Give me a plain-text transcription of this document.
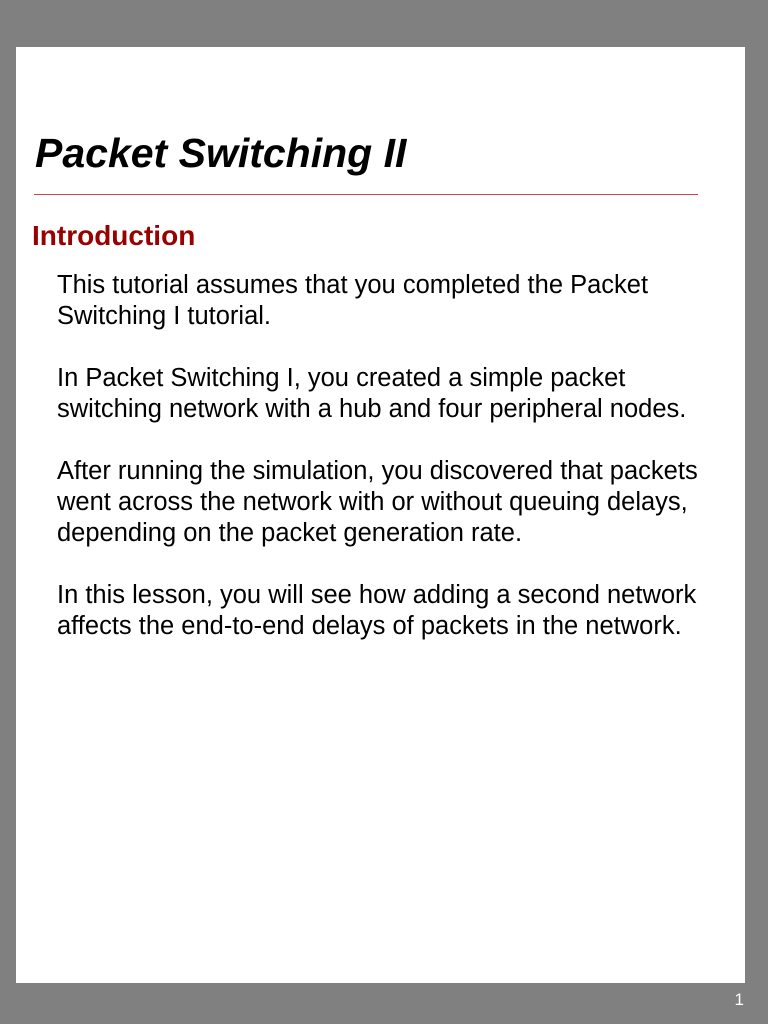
Packet Switching II
Introduction

This tutorial assumes that you completed the Packet Switching I tutorial.

In Packet Switching I, you created a simple packet switching network with a hub and four peripheral nodes.

After running the simulation, you discovered that packets went across the network with or without queuing delays, depending on the packet generation rate.

In this lesson, you will see how adding a second network affects the end-to-end delays of packets in the network.

1
